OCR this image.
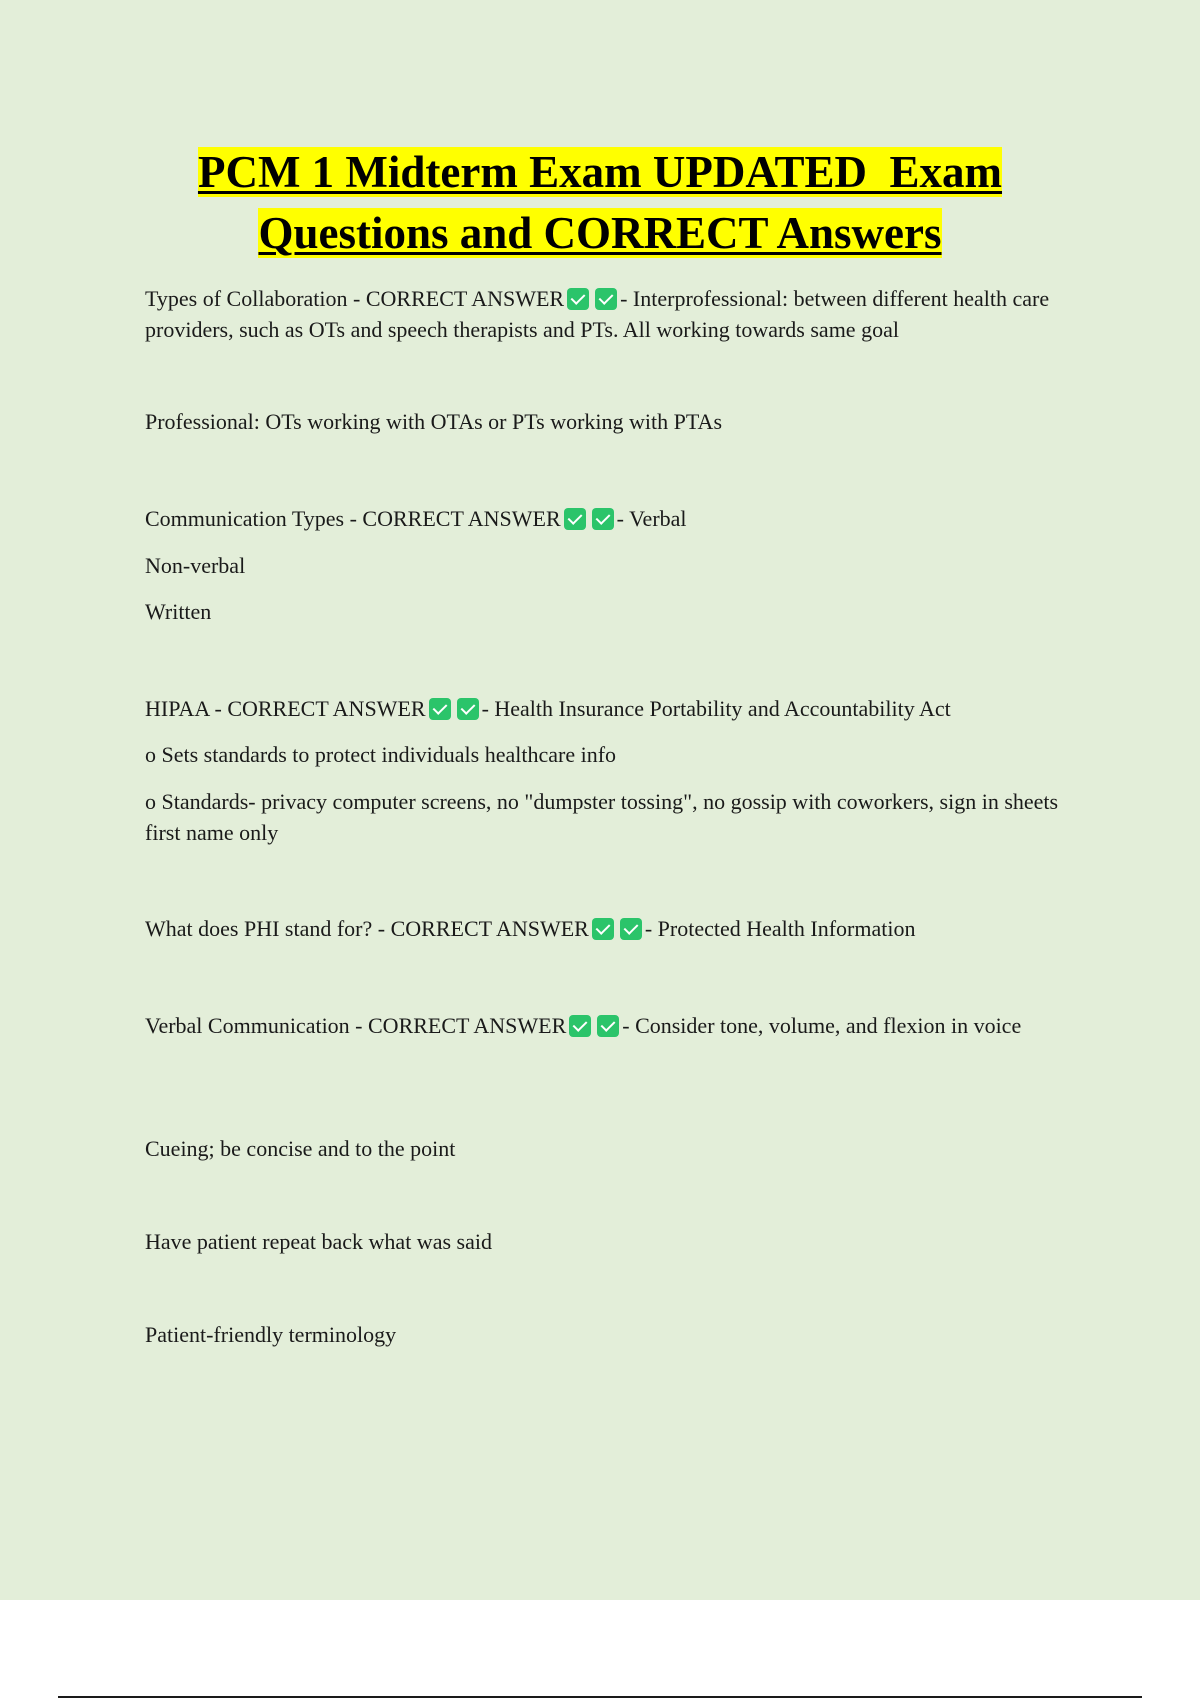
PCM 1 Midterm Exam UPDATED  Exam
Questions and CORRECT Answers

Types of Collaboration - CORRECT ANSWER	- Interprofessional: between different health care providers, such as OTs and speech therapists and PTs. All working towards same goal

Professional: OTs working with OTAs or PTs working with PTAs

Communication Types - CORRECT ANSWER	- Verbal

Non-verbal

Written

HIPAA - CORRECT ANSWER	- Health Insurance Portability and Accountability Act

o Sets standards to protect individuals healthcare info

o Standards- privacy computer screens, no "dumpster tossing", no gossip with coworkers, sign in sheets first name only

What does PHI stand for? - CORRECT ANSWER	- Protected Health Information

Verbal Communication - CORRECT ANSWER	- Consider tone, volume, and flexion in voice

Cueing; be concise and to the point

Have patient repeat back what was said

Patient-friendly terminology
